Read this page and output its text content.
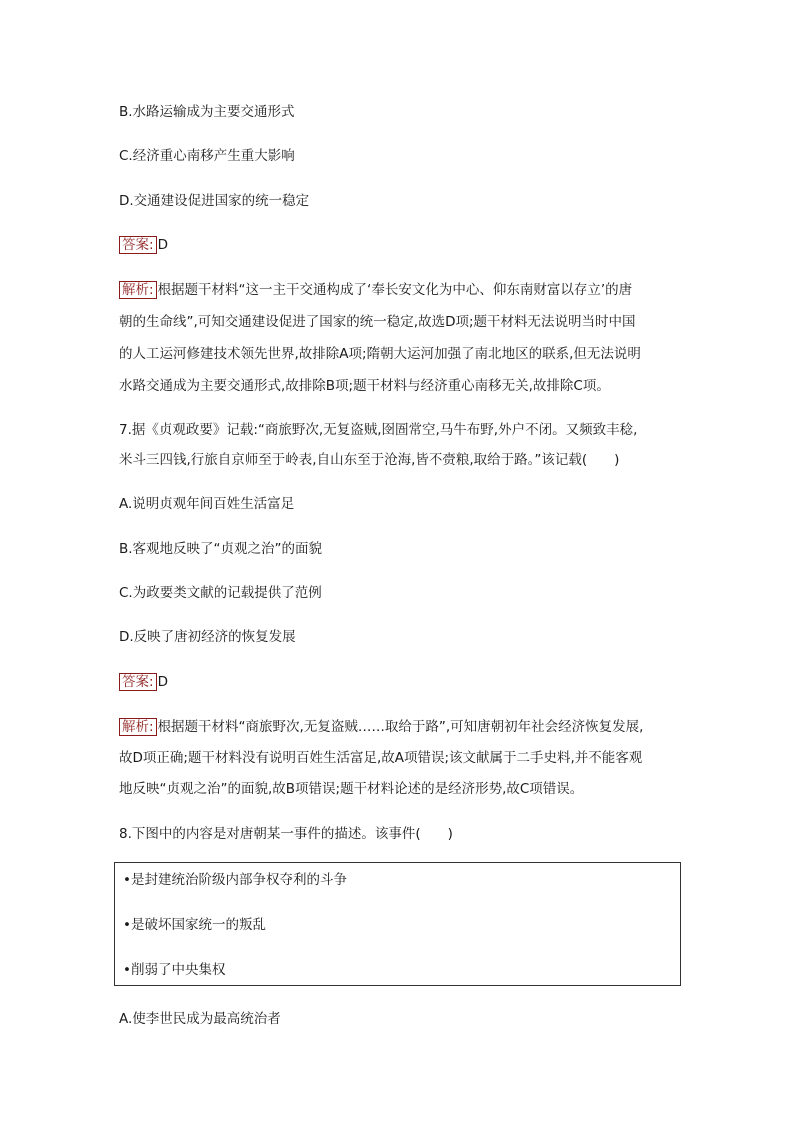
B.水路运输成为主要交通形式
C.经济重心南移产生重大影响
D.交通建设促进国家的统一稳定
答案: D
解析: 根据题干材料“这一主干交通构成了‘奉长安文化为中心、仰东南财富以存立’的唐
朝的生命线”,可知交通建设促进了国家的统一稳定,故选D项;题干材料无法说明当时中国
的人工运河修建技术领先世界,故排除A项;隋朝大运河加强了南北地区的联系,但无法说明
水路交通成为主要交通形式,故排除B项;题干材料与经济重心南移无关,故排除C项。
7.据《贞观政要》记载:“商旅野次,无复盗贼,囹圄常空,马牛布野,外户不闭。又频致丰稔,
米斗三四钱,行旅自京师至于岭表,自山东至于沧海,皆不赍粮,取给于路。”该记载(　　)
A.说明贞观年间百姓生活富足
B.客观地反映了“贞观之治”的面貌
C.为政要类文献的记载提供了范例
D.反映了唐初经济的恢复发展
答案: D
解析: 根据题干材料“商旅野次,无复盗贼……取给于路”,可知唐朝初年社会经济恢复发展,
故D项正确;题干材料没有说明百姓生活富足,故A项错误;该文献属于二手史料,并不能客观
地反映“贞观之治”的面貌,故B项错误;题干材料论述的是经济形势,故C项错误。
8.下图中的内容是对唐朝某一事件的描述。该事件(　　)
•是封建统治阶级内部争权夺利的斗争
•是破坏国家统一的叛乱
•削弱了中央集权
A.使李世民成为最高统治者
